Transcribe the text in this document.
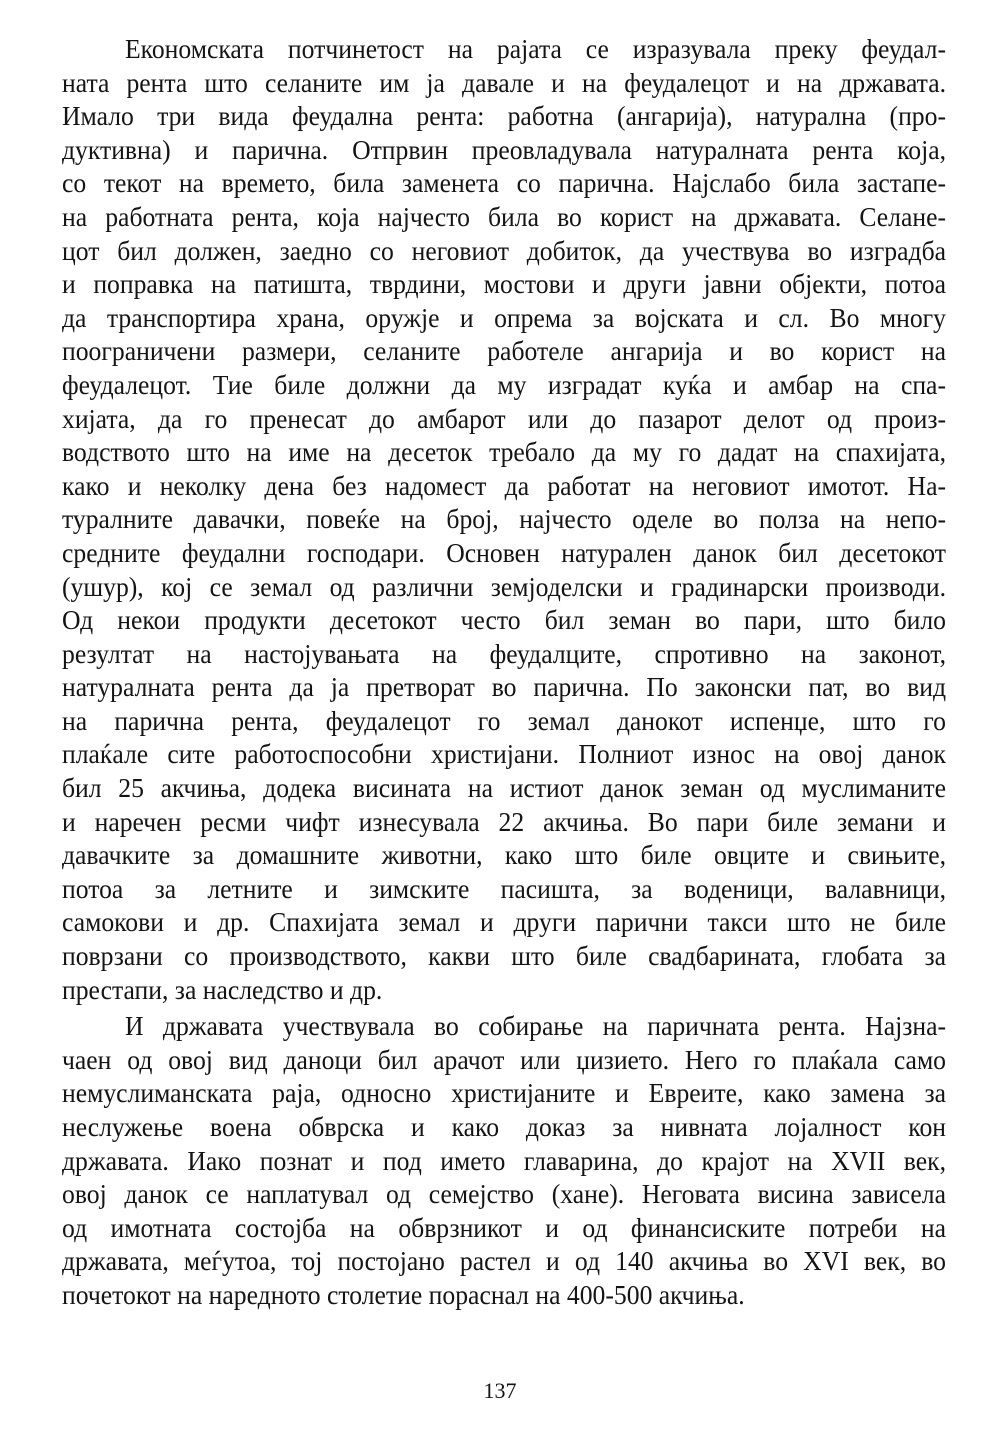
Економската потчинетост на рајата се изразувала преку феудал-
ната рента што селаните им ја давале и на феудалецот и на државата.
Имало три вида феудална рента: работна (ангарија), натурална (про-
дуктивна) и парична. Отпрвин преовладувала натуралната рента која,
со текот на времето, била заменета со парична. Најслабо била застапе-
на работната рента, која најчесто била во корист на државата. Селане-
цот бил должен, заедно со неговиот добиток, да учествува во изградба
и поправка на патишта, тврдини, мостови и други јавни објекти, потоа
да транспортира храна, оружје и опрема за војската и сл. Во многу
поограничени размери, селаните работеле ангарија и во корист на
феудалецот. Тие биле должни да му изградат куќа и амбар на спа-
хијата, да го пренесат до амбарот или до пазарот делот од произ-
водството што на име на десеток требало да му го дадат на спахијата,
како и неколку дена без надомест да работат на неговиот имотот. На-
туралните давачки, повеќе на број, најчесто оделе во полза на непо-
средните феудални господари. Основен натурален данок бил десетокот
(ушур), кој се земал од различни земјоделски и градинарски производи.
Од некои продукти десетокот често бил земан во пари, што било
резултат на настојувањата на феудалците, спротивно на законот,
натуралната рента да ја претворат во парична. По законски пат, во вид
на парична рента, феудалецот го земал данокот испенџе, што го
плаќале сите работоспособни христијани. Полниот износ на овој данок
бил 25 акчиња, додека висината на истиот данок земан од муслиманите
и наречен ресми чифт изнесувала 22 акчиња. Во пари биле земани и
давачките за домашните животни, како што биле овците и свињите,
потоа за летните и зимските пасишта, за воденици, валавници,
самокови и др. Спахијата земал и други парични такси што не биле
поврзани со производството, какви што биле свадбарината, глобата за
престапи, за наследство и др.
И државата учествувала во собирање на паричната рента. Најзна-
чаен од овој вид даноци бил арачот или џизието. Него го плаќала само
немуслиманската раја, односно христијаните и Евреите, како замена за
неслужење воена обврска и како доказ за нивната лојалност кон
државата. Иако познат и под името главарина, до крајот на XVII век,
овој данок се наплатувал од семејство (хане). Неговата висина зависела
од имотната состојба на обврзникот и од финансиските потреби на
државата, меѓутоа, тој постојано растел и од 140 акчиња во XVI век, во
почетокот на наредното столетие пораснал на 400-500 акчиња.
137
